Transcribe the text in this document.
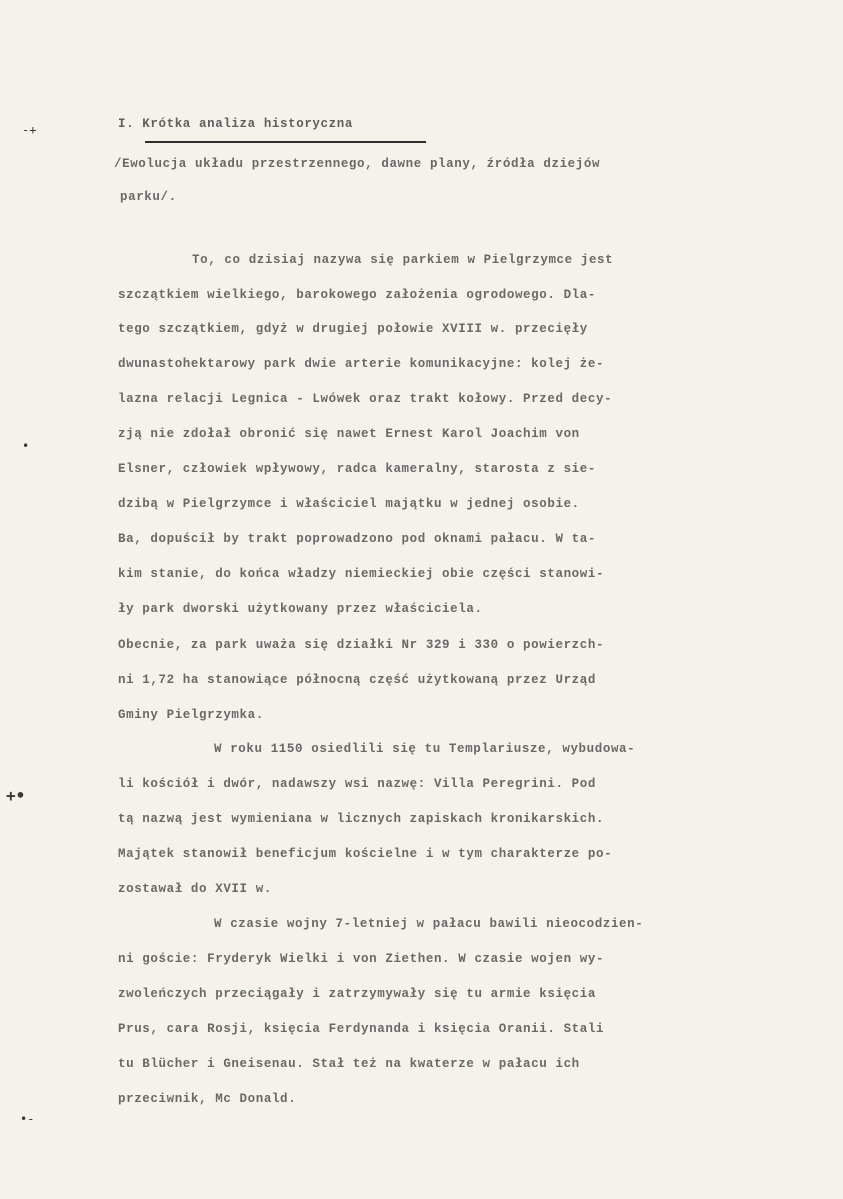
-+
•
+•
•-
I. Krótka analiza historyczna
/Ewolucja układu przestrzennego, dawne plany, źródła dziejów
parku/.
To, co dzisiaj nazywa się parkiem w Pielgrzymce jest
szczątkiem wielkiego, barokowego założenia ogrodowego. Dla-
tego szczątkiem, gdyż w drugiej połowie XVIII w. przecięły
dwunastohektarowy park dwie arterie komunikacyjne: kolej że-
lazna relacji Legnica - Lwówek oraz trakt kołowy. Przed decy-
zją nie zdołał obronić się nawet Ernest Karol Joachim von
Elsner, człowiek wpływowy, radca kameralny, starosta z sie-
dzibą w Pielgrzymce i właściciel majątku w jednej osobie.
Ba, dopuścił by trakt poprowadzono pod oknami pałacu. W ta-
kim stanie, do końca władzy niemieckiej obie części stanowi-
ły park dworski użytkowany przez właściciela.
Obecnie, za park uważa się działki Nr 329 i 330 o powierzch-
ni 1,72 ha stanowiące północną część użytkowaną przez Urząd
Gminy Pielgrzymka.
W roku 1150 osiedlili się tu Templariusze, wybudowa-
li kościół i dwór, nadawszy wsi nazwę: Villa Peregrini. Pod
tą nazwą jest wymieniana w licznych zapiskach kronikarskich.
Majątek stanowił beneficjum kościelne i w tym charakterze po-
zostawał do XVII w.
W czasie wojny 7-letniej w pałacu bawili nieocodzien-
ni goście: Fryderyk Wielki i von Ziethen. W czasie wojen wy-
zwoleńczych przeciągały i zatrzymywały się tu armie księcia
Prus, cara Rosji, księcia Ferdynanda i księcia Oranii. Stali
tu Blücher i Gneisenau. Stał też na kwaterze w pałacu ich
przeciwnik, Mc Donald.
